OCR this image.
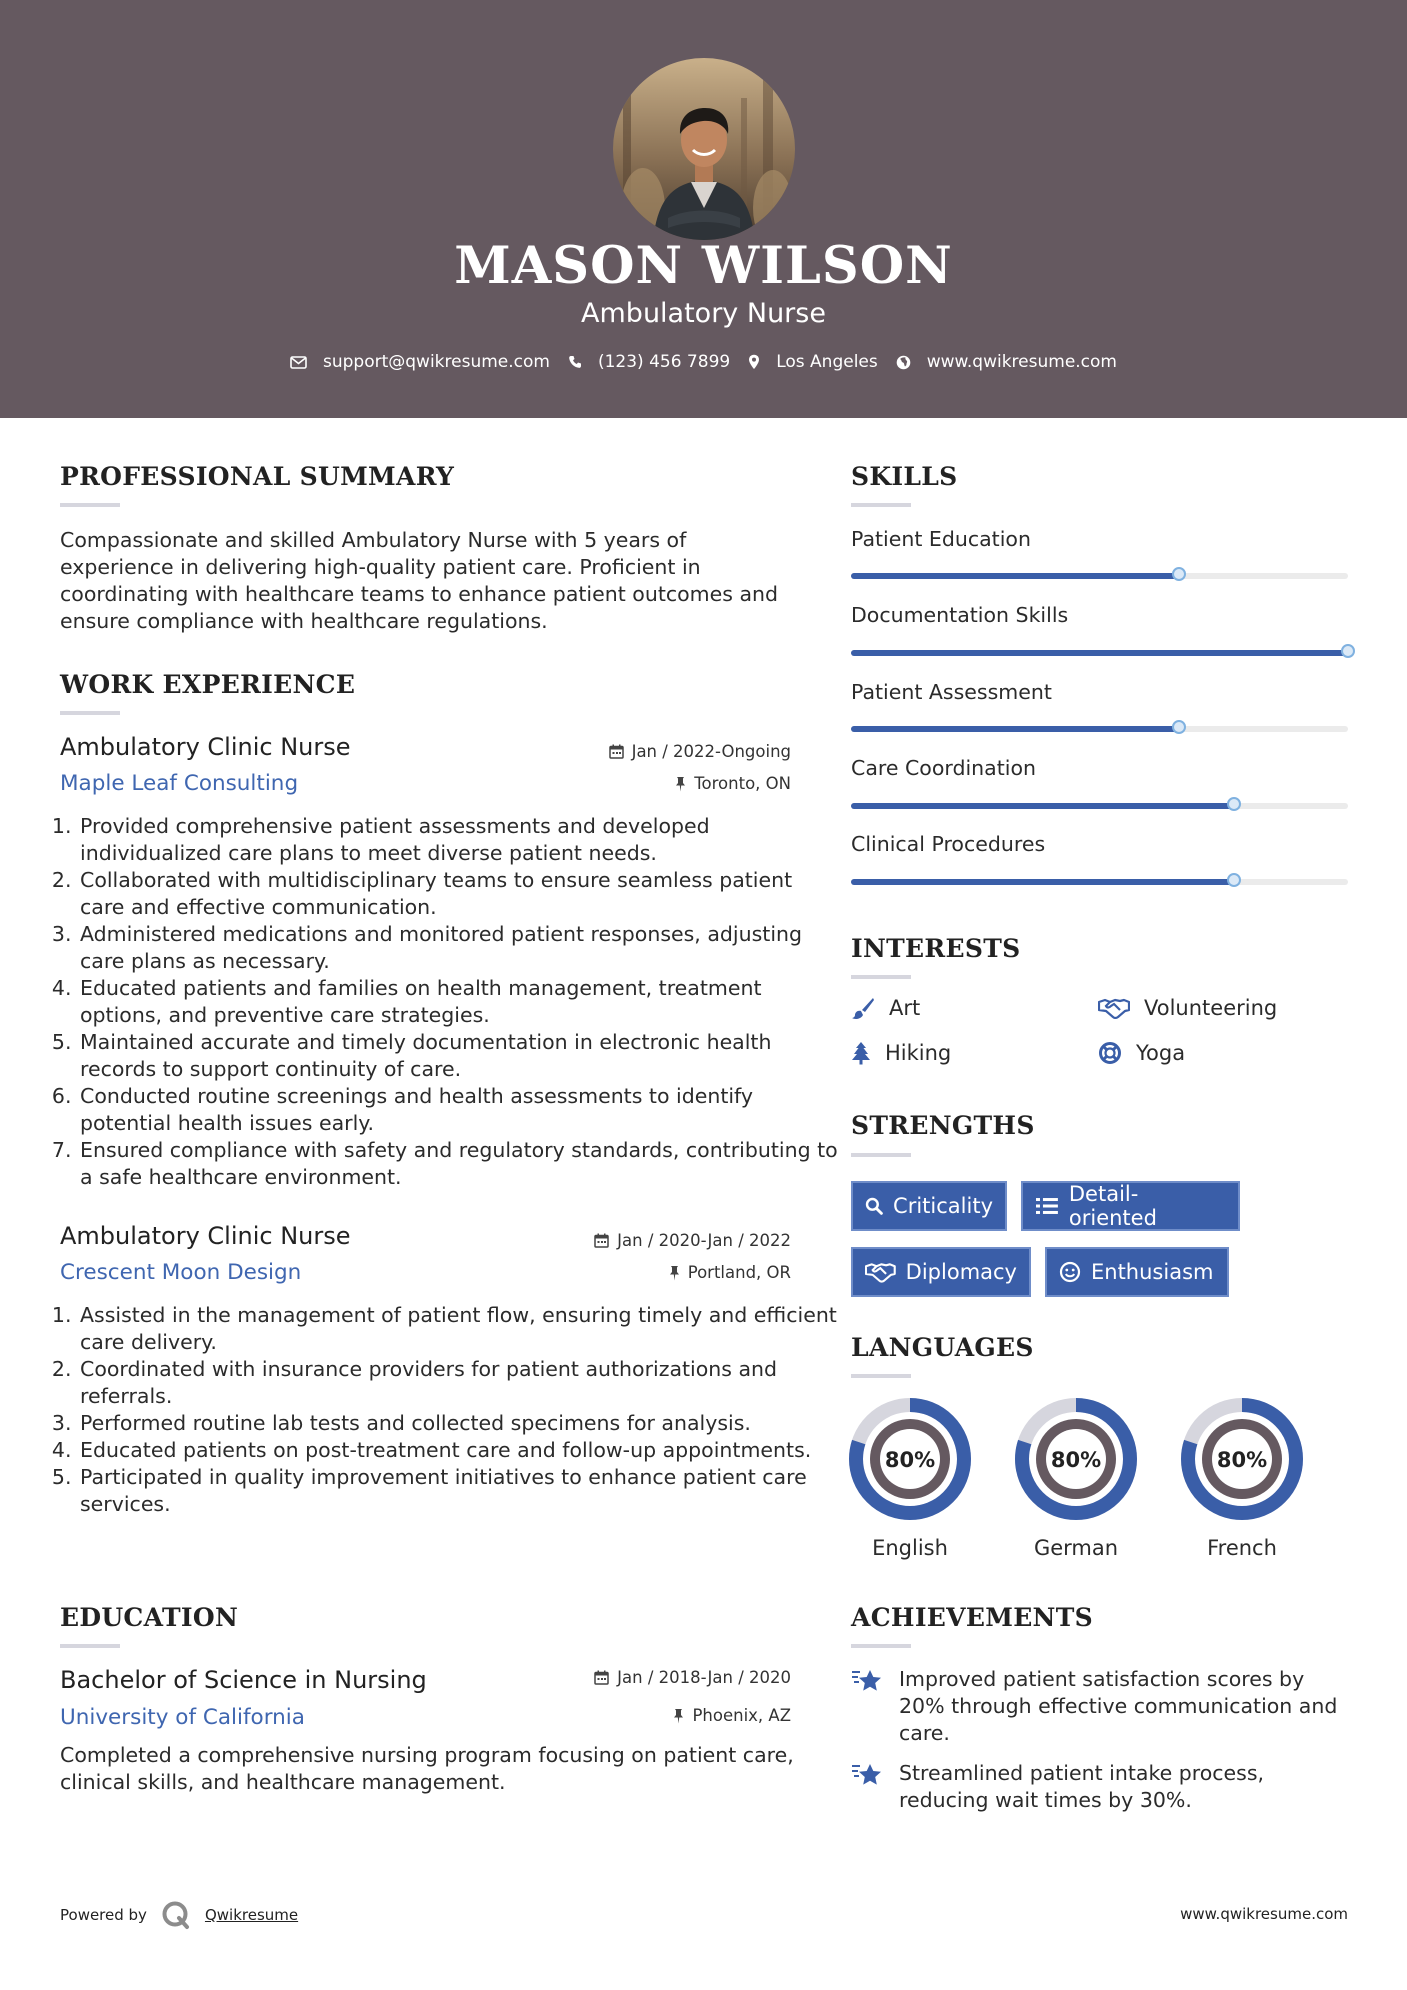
MASON WILSON
Ambulatory Nurse
support@qwikresume.com	(123) 456 7899	Los Angeles	www.qwikresume.com
PROFESSIONAL SUMMARY
Compassionate and skilled Ambulatory Nurse with 5 years of experience in delivering high-quality patient care. Proficient in coordinating with healthcare teams to enhance patient outcomes and ensure compliance with healthcare regulations.
WORK EXPERIENCE
Ambulatory Clinic Nurse	Jan / 2022-Ongoing
Maple Leaf Consulting	Toronto, ON
1. Provided comprehensive patient assessments and developed individualized care plans to meet diverse patient needs.
2. Collaborated with multidisciplinary teams to ensure seamless patient care and effective communication.
3. Administered medications and monitored patient responses, adjusting care plans as necessary.
4. Educated patients and families on health management, treatment options, and preventive care strategies.
5. Maintained accurate and timely documentation in electronic health records to support continuity of care.
6. Conducted routine screenings and health assessments to identify potential health issues early.
7. Ensured compliance with safety and regulatory standards, contributing to a safe healthcare environment.
Ambulatory Clinic Nurse	Jan / 2020-Jan / 2022
Crescent Moon Design	Portland, OR
1. Assisted in the management of patient flow, ensuring timely and efficient care delivery.
2. Coordinated with insurance providers for patient authorizations and referrals.
3. Performed routine lab tests and collected specimens for analysis.
4. Educated patients on post-treatment care and follow-up appointments.
5. Participated in quality improvement initiatives to enhance patient care services.
EDUCATION
Bachelor of Science in Nursing	Jan / 2018-Jan / 2020
University of California	Phoenix, AZ
Completed a comprehensive nursing program focusing on patient care, clinical skills, and healthcare management.
SKILLS
Patient Education
Documentation Skills
Patient Assessment
Care Coordination
Clinical Procedures
INTERESTS
Art	Volunteering
Hiking	Yoga
STRENGTHS
Criticality	Detail-oriented
Diplomacy	Enthusiasm
LANGUAGES
80%
English
80%
German
80%
French
ACHIEVEMENTS
Improved patient satisfaction scores by 20% through effective communication and care.
Streamlined patient intake process, reducing wait times by 30%.
Powered by	Qwikresume	www.qwikresume.com
